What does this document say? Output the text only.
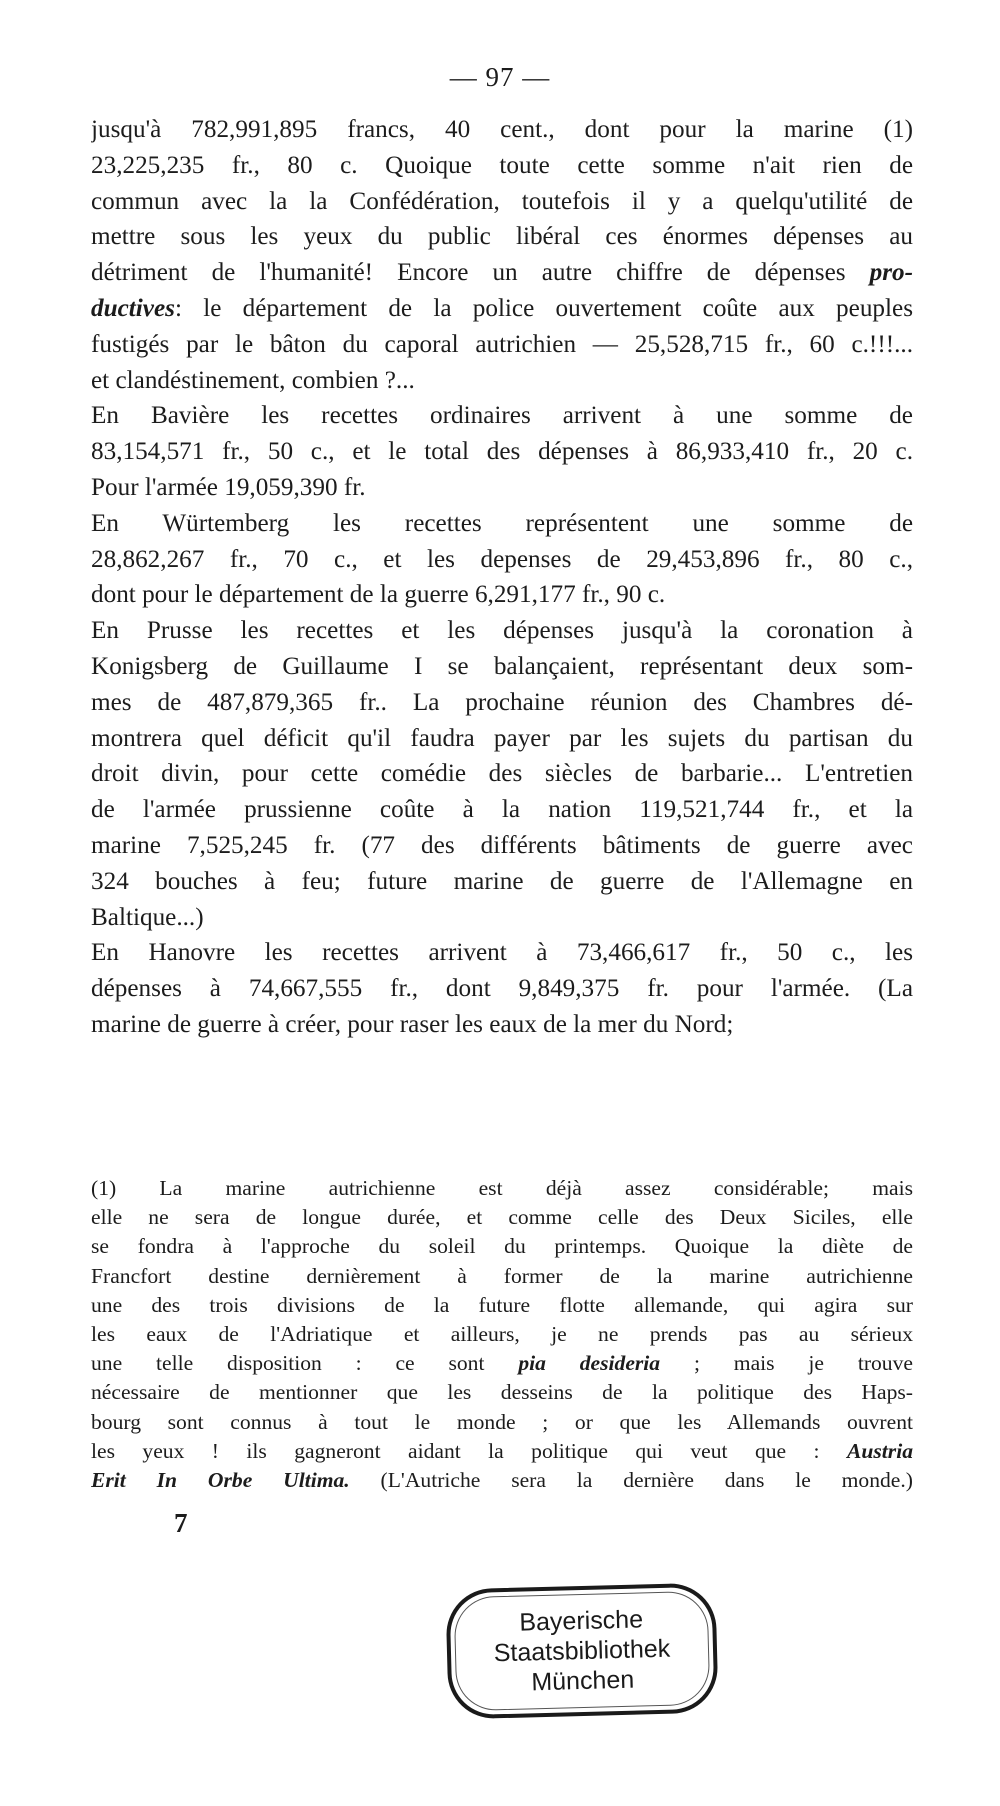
— 97 —
jusqu'à 782,991,895 francs, 40 cent., dont pour la marine (1)
23,225,235 fr., 80 c. Quoique toute cette somme n'ait rien de
commun avec la la Confédération, toutefois il y a quelqu'utilité de
mettre sous les yeux du public libéral ces énormes dépenses au
détriment de l'humanité! Encore un autre chiffre de dépenses pro-
ductives: le département de la police ouvertement coûte aux peuples
fustigés par le bâton du caporal autrichien — 25,528,715 fr., 60 c.!!!...
et clandéstinement, combien ?...
En Bavière les recettes ordinaires arrivent à une somme de
83,154,571 fr., 50 c., et le total des dépenses à 86,933,410 fr., 20 c.
Pour l'armée 19,059,390 fr.
En Würtemberg les recettes représentent une somme de
28,862,267 fr., 70 c., et les depenses de 29,453,896 fr., 80 c.,
dont pour le département de la guerre 6,291,177 fr., 90 c.
En Prusse les recettes et les dépenses jusqu'à la coronation à
Konigsberg de Guillaume I se balançaient, représentant deux som-
mes de 487,879,365 fr.. La prochaine réunion des Chambres dé-
montrera quel déficit qu'il faudra payer par les sujets du partisan du
droit divin, pour cette comédie des siècles de barbarie... L'entretien
de l'armée prussienne coûte à la nation 119,521,744 fr., et la
marine 7,525,245 fr. (77 des différents bâtiments de guerre avec
324 bouches à feu; future marine de guerre de l'Allemagne en
Baltique...)
En Hanovre les recettes arrivent à 73,466,617 fr., 50 c., les
dépenses à 74,667,555 fr., dont 9,849,375 fr. pour l'armée. (La
marine de guerre à créer, pour raser les eaux de la mer du Nord;
(1) La marine autrichienne est déjà assez considérable; mais
elle ne sera de longue durée, et comme celle des Deux Siciles, elle
se fondra à l'approche du soleil du printemps. Quoique la diète de
Francfort destine dernièrement à former de la marine autrichienne
une des trois divisions de la future flotte allemande, qui agira sur
les eaux de l'Adriatique et ailleurs, je ne prends pas au sérieux
une telle disposition : ce sont pia desideria ; mais je trouve
nécessaire de mentionner que les desseins de la politique des Haps-
bourg sont connus à tout le monde ; or que les Allemands ouvrent
les yeux ! ils gagneront aidant la politique qui veut que : Austria
Erit In Orbe Ultima. (L'Autriche sera la dernière dans le monde.)
7
Bayerische
Staatsbibliothek
München
